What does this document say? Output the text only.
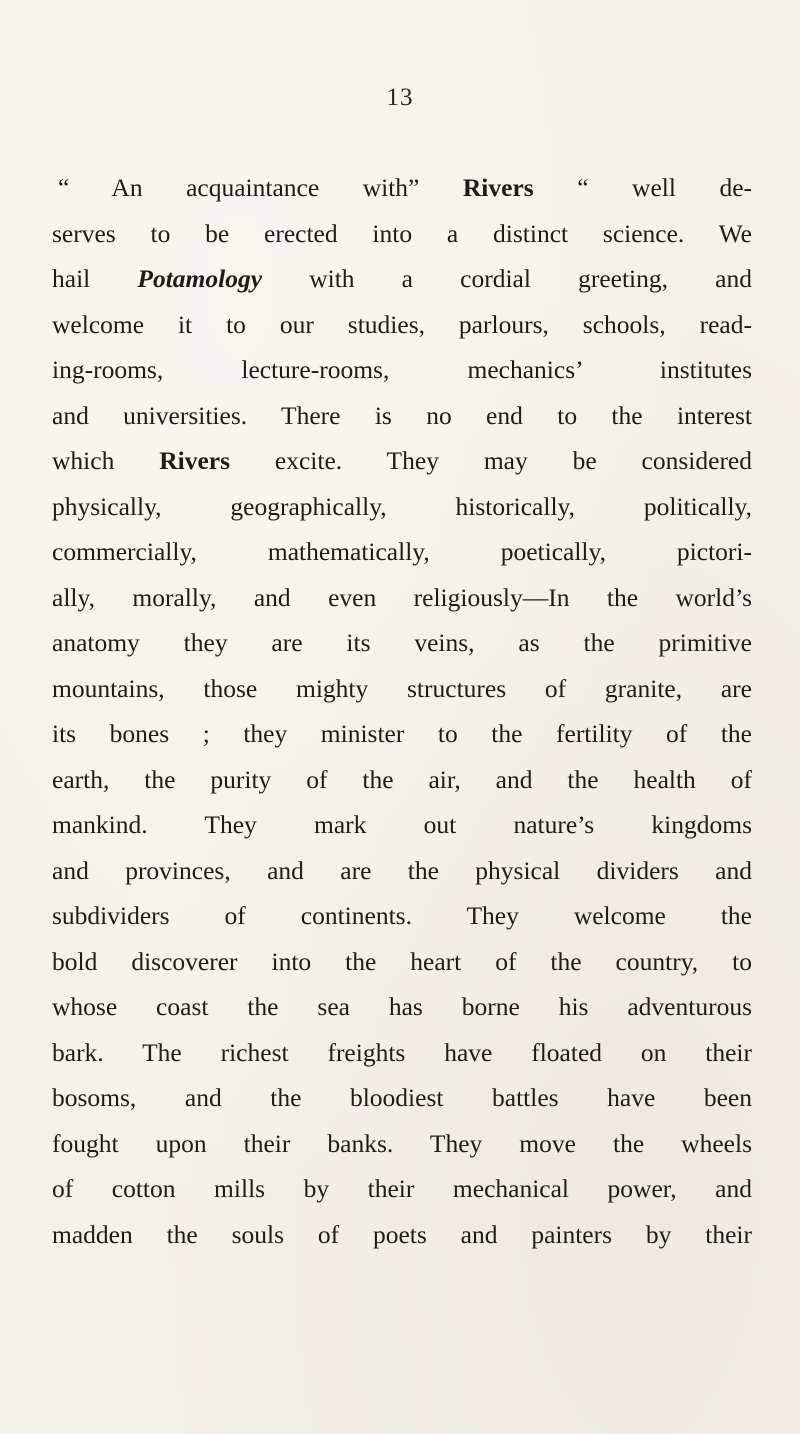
13
“ An acquaintance with” Rivers “ well de-
serves to be erected into a distinct science. We
hail Potamology with a cordial greeting, and
welcome it to our studies, parlours, schools, read-
ing-rooms, lecture-rooms, mechanics’ institutes
and universities. There is no end to the interest
which Rivers excite. They may be considered
physically, geographically, historically, politically,
commercially, mathematically, poetically, pictori-
ally, morally, and even religiously—In the world’s
anatomy they are its veins, as the primitive
mountains, those mighty structures of granite, are
its bones ; they minister to the fertility of the
earth, the purity of the air, and the health of
mankind. They mark out nature’s kingdoms
and provinces, and are the physical dividers and
subdividers of continents. They welcome the
bold discoverer into the heart of the country, to
whose coast the sea has borne his adventurous
bark. The richest freights have floated on their
bosoms, and the bloodiest battles have been
fought upon their banks. They move the wheels
of cotton mills by their mechanical power, and
madden the souls of poets and painters by their
